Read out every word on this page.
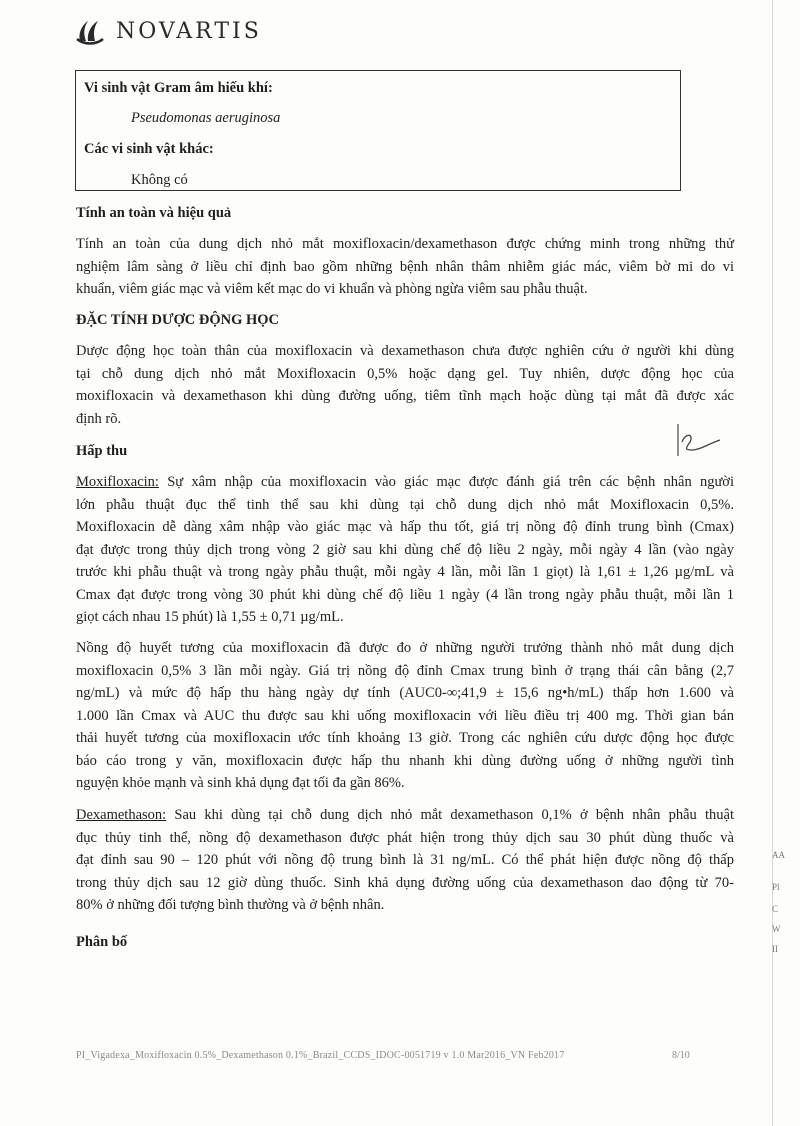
NOVARTIS
Vi sinh vật Gram âm hiếu khí:
Pseudomonas aeruginosa
Các vi sinh vật khác:
Không có
Tính an toàn và hiệu quả
Tính an toàn của dung dịch nhỏ mắt moxifloxacin/dexamethason được chứng minh trong những thử
nghiệm lâm sàng ở liều chỉ định bao gồm những bệnh nhân thâm nhiễm giác mác, viêm bờ mi do vi
khuẩn, viêm giác mạc và viêm kết mạc do vi khuẩn và phòng ngừa viêm sau phẫu thuật.
ĐẶC TÍNH DƯỢC ĐỘNG HỌC
Dược động học toàn thân của moxifloxacin và dexamethason chưa được nghiên cứu ở người khi dùng
tại chỗ dung dịch nhỏ mắt Moxifloxacin 0,5% hoặc dạng gel. Tuy nhiên, dược động học của
moxifloxacin và dexamethason khi dùng đường uống, tiêm tĩnh mạch hoặc dùng tại mắt đã được xác
định rõ.
Hấp thu
Moxifloxacin: Sự xâm nhập của moxifloxacin vào giác mạc được đánh giá trên các bệnh nhân người
lớn phẫu thuật đục thể tinh thể sau khi dùng tại chỗ dung dịch nhỏ mắt Moxifloxacin 0,5%.
Moxifloxacin dễ dàng xâm nhập vào giác mạc và hấp thu tốt, giá trị nồng độ đỉnh trung bình (Cmax)
đạt được trong thủy dịch trong vòng 2 giờ sau khi dùng chế độ liều 2 ngày, mỗi ngày 4 lần (vào ngày
trước khi phẫu thuật và trong ngày phẫu thuật, mỗi ngày 4 lần, mỗi lần 1 giọt) là 1,61 ± 1,26 µg/mL và
Cmax đạt được trong vòng 30 phút khi dùng chế độ liều 1 ngày (4 lần trong ngày phẫu thuật, mỗi lần 1
giọt cách nhau 15 phút) là 1,55 ± 0,71 µg/mL.
Nồng độ huyết tương của moxifloxacin đã được đo ở những người trưởng thành nhỏ mắt dung dịch
moxifloxacin 0,5% 3 lần mỗi ngày. Giá trị nồng độ đỉnh Cmax trung bình ở trạng thái cân bằng (2,7
ng/mL) và mức độ hấp thu hàng ngày dự tính (AUC0-∞;41,9 ± 15,6 ng•h/mL) thấp hơn 1.600 và
1.000 lần Cmax và AUC thu được sau khi uống moxifloxacin với liều điều trị 400 mg. Thời gian bán
thải huyết tương của moxifloxacin ước tính khoảng 13 giờ. Trong các nghiên cứu dược động học được
báo cáo trong y văn, moxifloxacin được hấp thu nhanh khi dùng đường uống ở những người tình
nguyện khỏe mạnh và sinh khả dụng đạt tối đa gần 86%.
Dexamethason: Sau khi dùng tại chỗ dung dịch nhỏ mắt dexamethason 0,1% ở bệnh nhân phẫu thuật
đục thủy tinh thể, nồng độ dexamethason được phát hiện trong thủy dịch sau 30 phút dùng thuốc và
đạt đỉnh sau 90 – 120 phút với nồng độ trung bình là 31 ng/mL. Có thể phát hiện được nồng độ thấp
trong thủy dịch sau 12 giờ dùng thuốc. Sinh khả dụng đường uống của dexamethason dao động từ 70-
80% ở những đối tượng bình thường và ở bệnh nhân.
Phân bố
AA
Pl
C
W
II
PI_Vigadexa_Moxifloxacin 0.5%_Dexamethason 0.1%_Brazil_CCDS_IDOC-0051719 v 1.0 Mar2016_VN Feb2017	8/10
